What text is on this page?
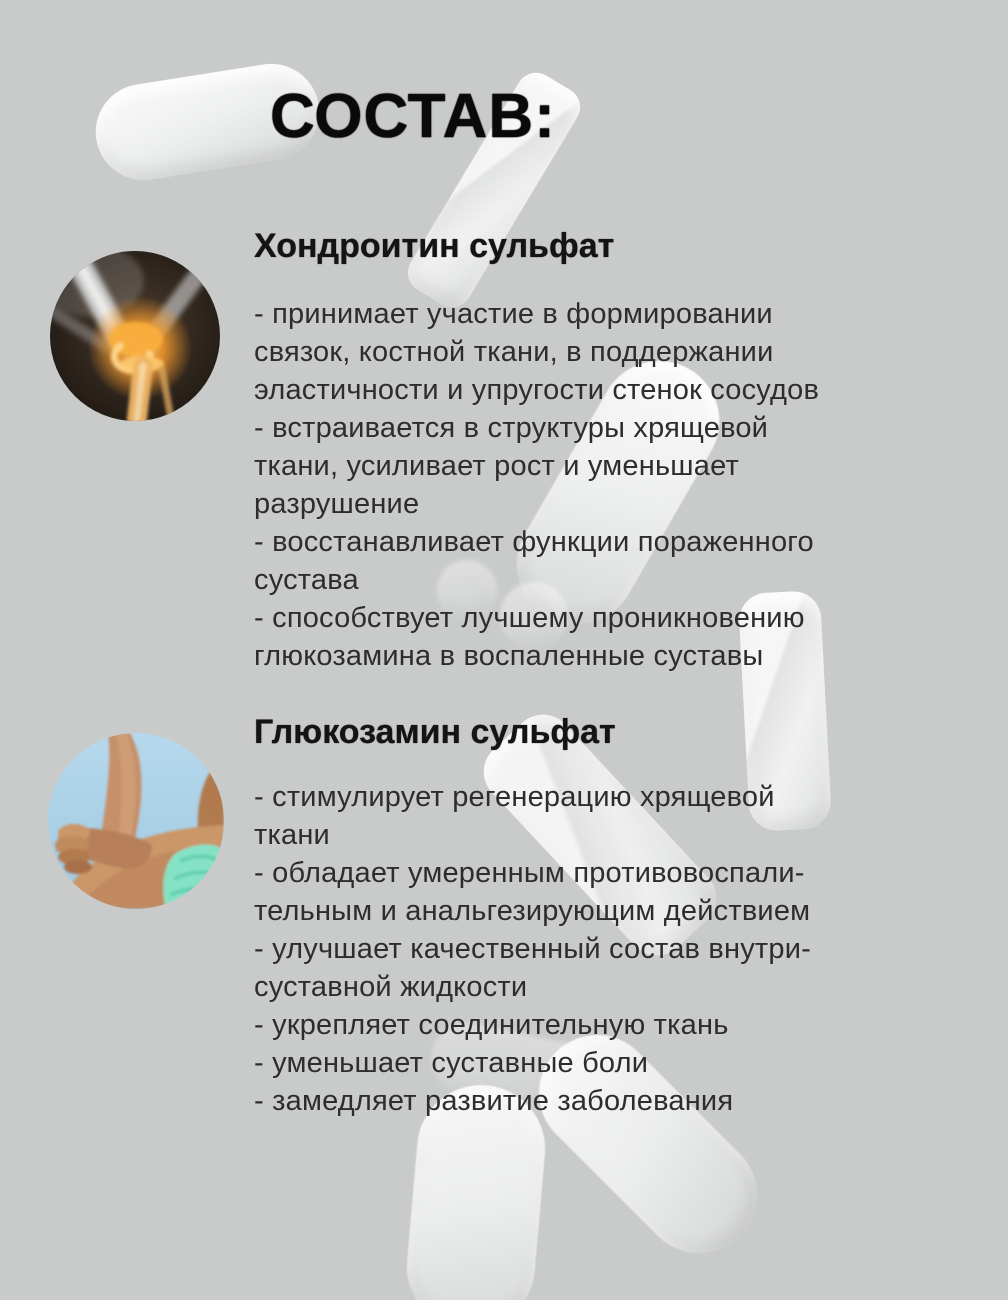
СОСТАВ:
Хондроитин сульфат
- принимает участие в формировании
связок, костной ткани, в поддержании
эластичности и упругости стенок сосудов
- встраивается в структуры хрящевой
ткани, усиливает рост и уменьшает
разрушение
- восстанавливает функции пораженного
сустава
- способствует лучшему проникновению
глюкозамина в воспаленные суставы
Глюкозамин сульфат
- стимулирует регенерацию хрящевой
ткани
- обладает умеренным противовоспали-
тельным и анальгезирующим действием
- улучшает качественный состав внутри-
суставной жидкости
- укрепляет соединительную ткань
- уменьшает суставные боли
- замедляет развитие заболевания
